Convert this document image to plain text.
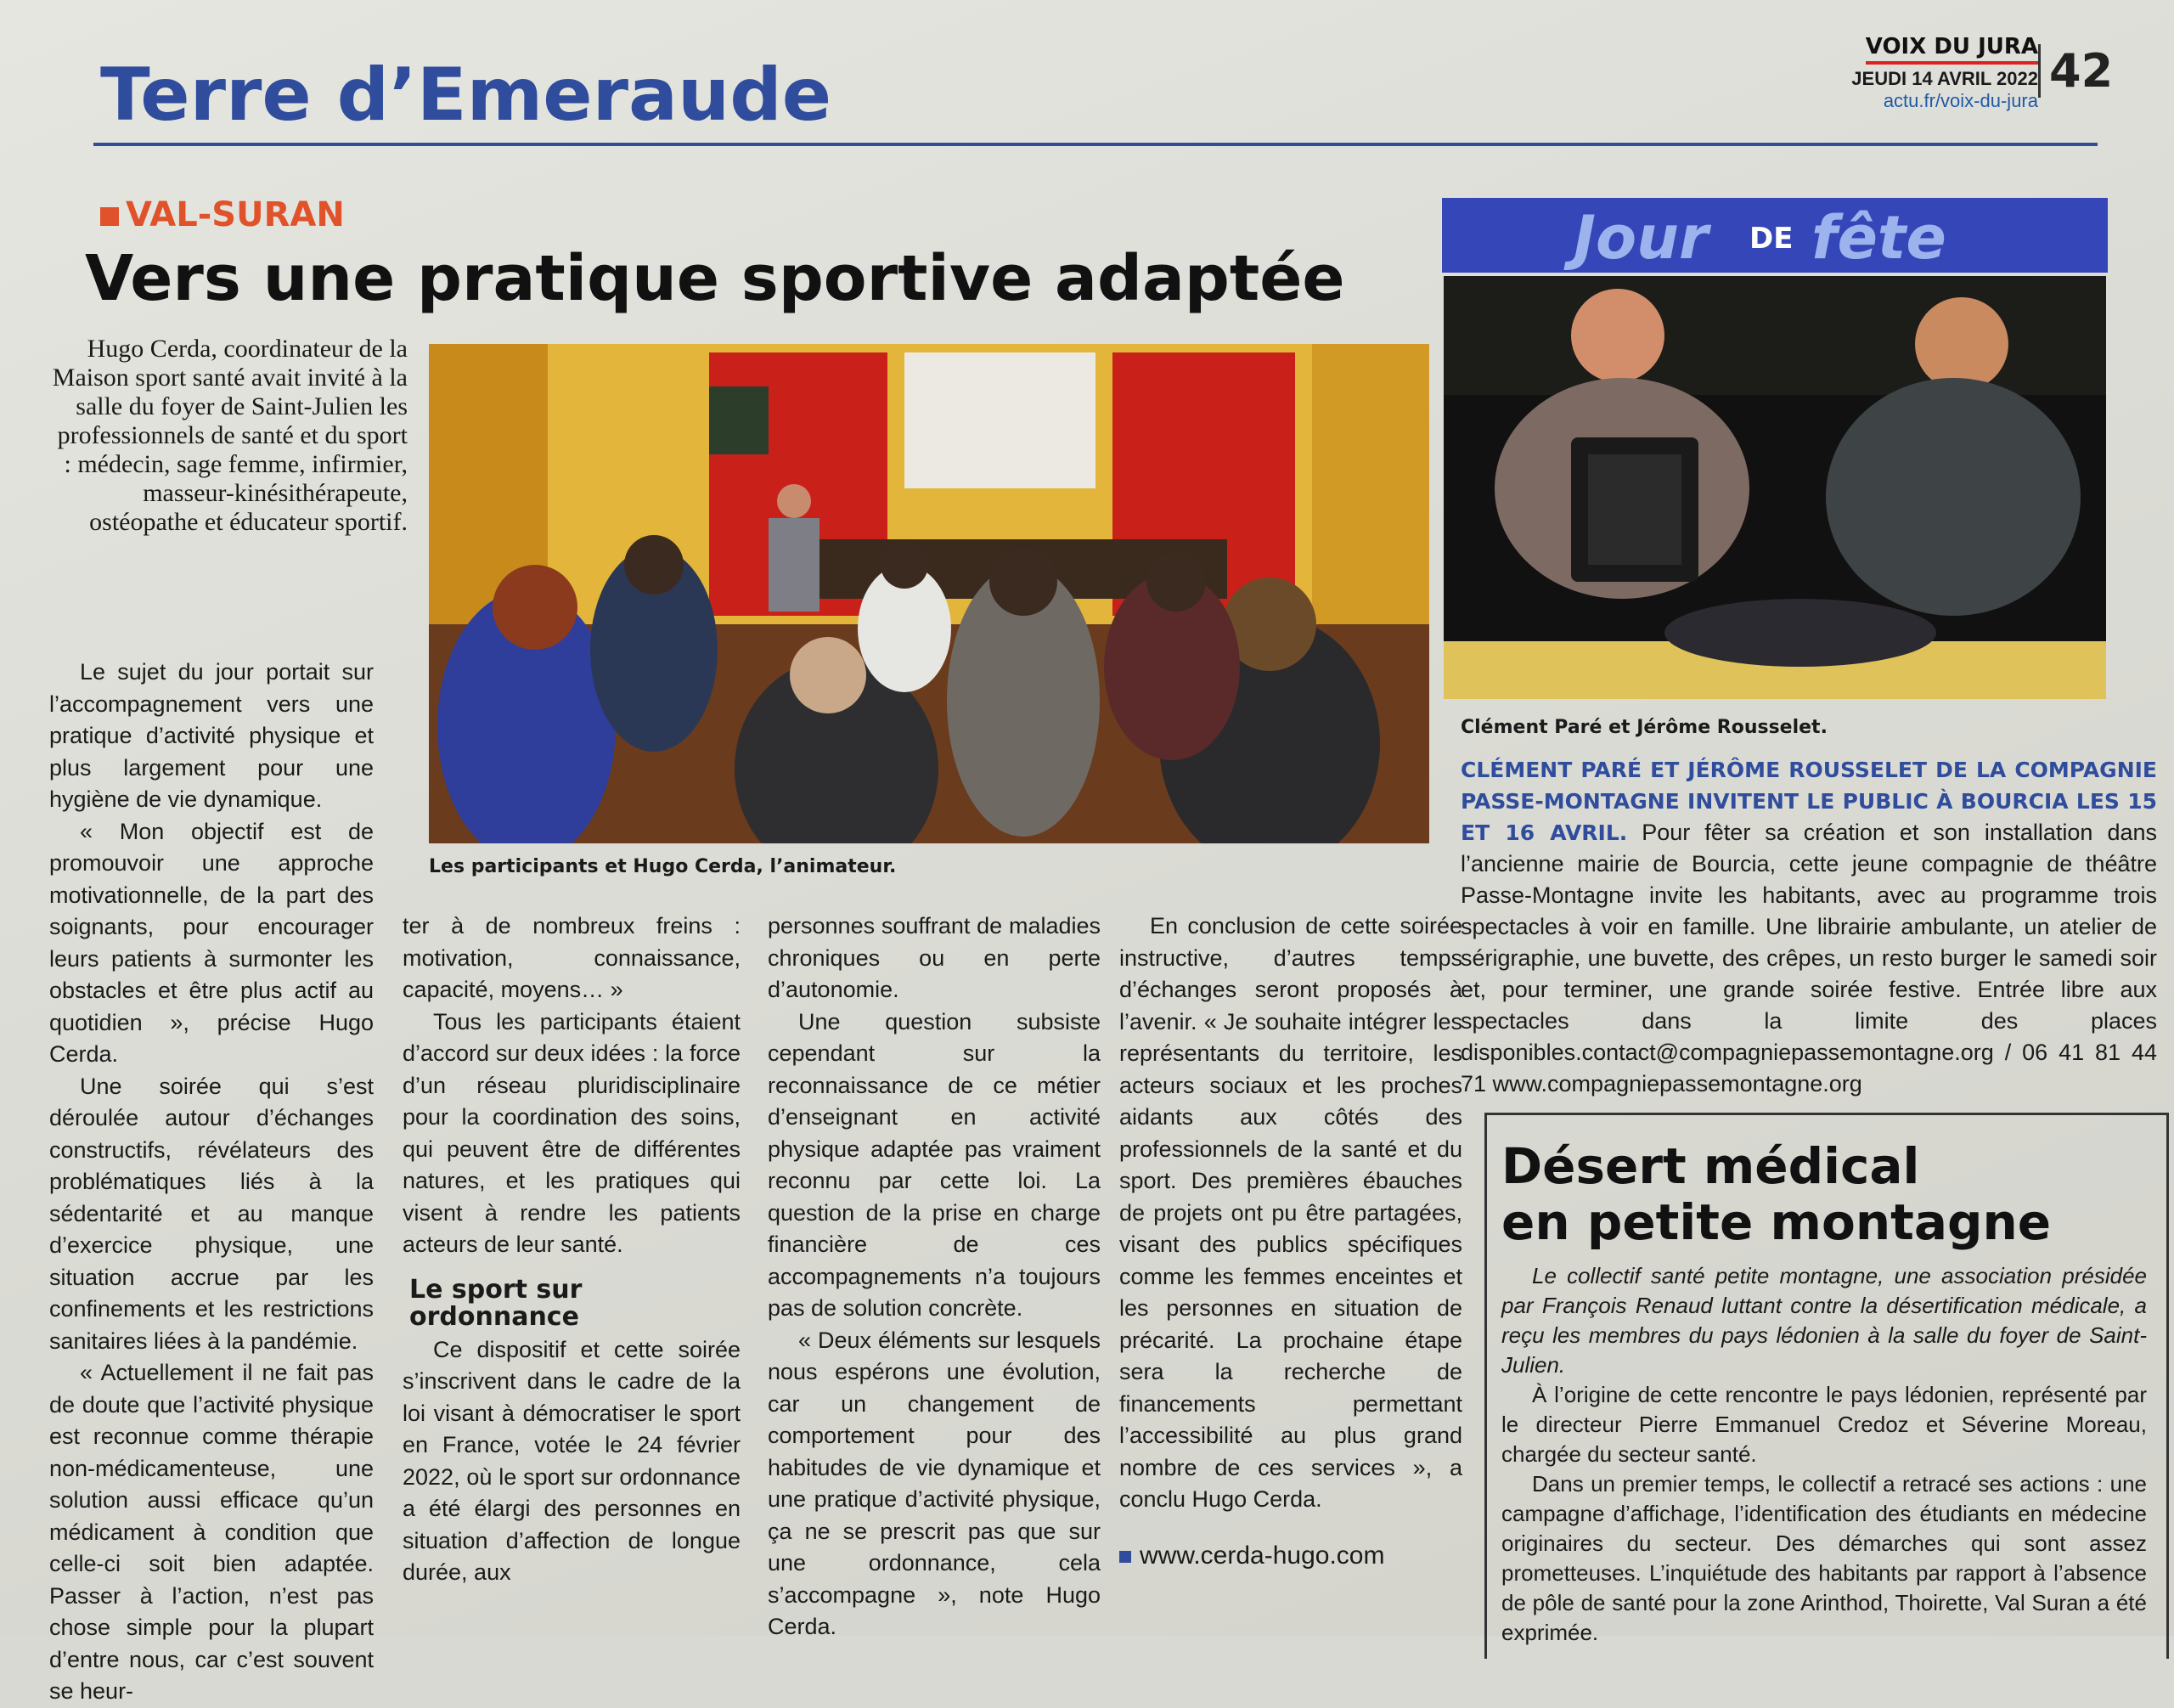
Terre d’Emeraude
VOIX DU JURA
JEUDI 14 AVRIL 2022
actu.fr/voix-du-jura
42
VAL-SURAN
Vers une pratique sportive adaptée
Hugo Cerda, coordinateur de la Maison sport santé avait invité à la salle du foyer de Saint-Julien les professionnels de santé et du sport : médecin, sage femme, infirmier, masseur-kinésithérapeute, ostéopathe et éducateur sportif.
Les participants et Hugo Cerda, l’animateur.

Le sujet du jour portait sur l’accompagnement vers une pratique d’activité physique et plus largement pour une hygiène de vie dynamique.

« Mon objectif est de promouvoir une approche motivationnelle, de la part des soignants, pour encourager leurs patients à surmonter les obstacles et être plus actif au quotidien », précise Hugo Cerda.

Une soirée qui s’est déroulée autour d’échanges constructifs, révélateurs des problématiques liés à la sédentarité et au manque d’exercice physique, une situation accrue par les confinements et les restrictions sanitaires liées à la pandémie.

« Actuellement il ne fait pas de doute que l’activité physique est reconnue comme thérapie non-médicamenteuse, une solution aussi efficace qu’un médicament à condition que celle-ci soit bien adaptée. Passer à l’action, n’est pas chose simple pour la plupart d’entre nous, car c’est souvent se heur-

ter à de nombreux freins : motivation, connaissance, capacité, moyens… »

Tous les participants étaient d’accord sur deux idées : la force d’un réseau pluridisciplinaire pour la coordination des soins, qui peuvent être de différentes natures, et les pratiques qui visent à rendre les patients acteurs de leur santé.

Le sport sur ordonnance

Ce dispositif et cette soirée s’inscrivent dans le cadre de la loi visant à démocratiser le sport en France, votée le 24 février 2022, où le sport sur ordonnance a été élargi des personnes en situation d’affection de longue durée, aux

personnes souffrant de maladies chroniques ou en perte d’autonomie.

Une question subsiste cependant sur la reconnaissance de ce métier d’enseignant en activité physique adaptée pas vraiment reconnu par cette loi. La question de la prise en charge financière de ces accompagnements n’a toujours pas de solution concrète.

« Deux éléments sur lesquels nous espérons une évolution, car un changement de comportement pour des habitudes de vie dynamique et une pratique d’activité physique, ça ne se prescrit pas que sur une ordonnance, cela s’accompagne », note Hugo Cerda.

En conclusion de cette soirée instructive, d’autres temps d’échanges seront proposés à l’avenir. « Je souhaite intégrer les représentants du territoire, les acteurs sociaux et les proches aidants aux côtés des professionnels de la santé et du sport. Des premières ébauches de projets ont pu être partagées, visant des publics spécifiques comme les femmes enceintes et les personnes en situation de précarité. La prochaine étape sera la recherche de financements permettant l’accessibilité au plus grand nombre de ces services », a conclu Hugo Cerda.

www.cerda-hugo.com
Jour DE fête
Clément Paré et Jérôme Rousselet.
CLÉMENT PARÉ ET JÉRÔME ROUSSELET DE LA COMPAGNIE PASSE-MONTAGNE INVITENT LE PUBLIC À BOURCIA LES 15 ET 16 AVRIL. Pour fêter sa création et son installation dans l’ancienne mairie de Bourcia, cette jeune compagnie de théâtre Passe-Montagne invite les habitants, avec au programme trois spectacles à voir en famille. Une librairie ambulante, un atelier de sérigraphie, une buvette, des crêpes, un resto burger le samedi soir et, pour terminer, une grande soirée festive. Entrée libre aux spectacles dans la limite des places disponibles.contact@compagniepassemontagne.org / 06 41 81 44 71 www.compagniepassemontagne.org
Désert médical
en petite montagne

Le collectif santé petite montagne, une association présidée par François Renaud luttant contre la désertification médicale, a reçu les membres du pays lédonien à la salle du foyer de Saint-Julien.

À l’origine de cette rencontre le pays lédonien, représenté par le directeur Pierre Emmanuel Credoz et Séverine Moreau, chargée du secteur santé.

Dans un premier temps, le collectif a retracé ses actions : une campagne d’affichage, l’identification des étudiants en médecine originaires du secteur. Des démarches qui sont assez prometteuses. L’inquiétude des habitants par rapport à l’absence de pôle de santé pour la zone Arinthod, Thoirette, Val Suran a été exprimée.
